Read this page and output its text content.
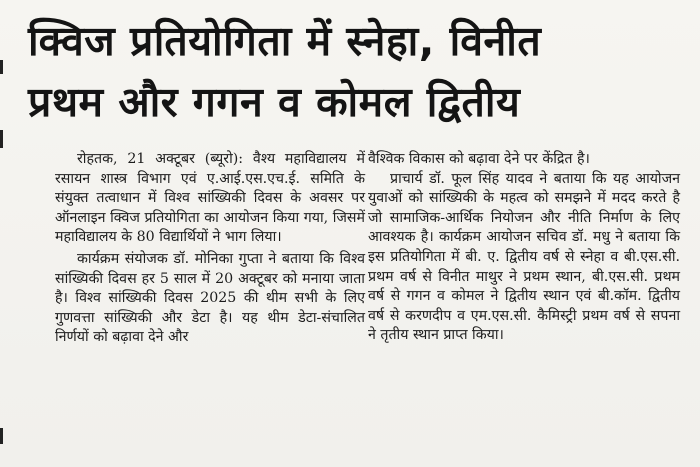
क्विज प्रतियोगिता में स्नेहा, विनीत
प्रथम और गगन व कोमल द्वितीय

रोहतक, 21 अक्टूबर (ब्यूरो): वैश्य महाविद्यालय में रसायन शास्त्र विभाग एवं ए.आई.एस.एच.ई. समिति के संयुक्त तत्वाधान में विश्व सांख्यिकी दिवस के अवसर पर ऑनलाइन क्विज प्रतियोगिता का आयोजन किया गया, जिसमें महाविद्यालय के 80 विद्यार्थियों ने भाग लिया।

कार्यक्रम संयोजक डॉ. मोनिका गुप्ता ने बताया कि विश्व सांख्यिकी दिवस हर 5 साल में 20 अक्टूबर को मनाया जाता है। विश्व सांख्यिकी दिवस 2025 की थीम सभी के लिए गुणवत्ता सांख्यिकी और डेटा है। यह थीम डेटा-संचालित निर्णयों को बढ़ावा देने और

वैश्विक विकास को बढ़ावा देने पर केंद्रित है।

प्राचार्य डॉ. फूल सिंह यादव ने बताया कि यह आयोजन युवाओं को सांख्यिकी के महत्व को समझने में मदद करते है जो सामाजिक-आर्थिक नियोजन और नीति निर्माण के लिए आवश्यक है। कार्यक्रम आयोजन सचिव डॉ. मधु ने बताया कि इस प्रतियोगिता में बी. ए. द्वितीय वर्ष से स्नेहा व बी.एस.सी. प्रथम वर्ष से विनीत माथुर ने प्रथम स्थान, बी.एस.सी. प्रथम वर्ष से गगन व कोमल ने द्वितीय स्थान एवं बी.कॉम. द्वितीय वर्ष से करणदीप व एम.एस.सी. कैमिस्ट्री प्रथम वर्ष से सपना ने तृतीय स्थान प्राप्त किया।
